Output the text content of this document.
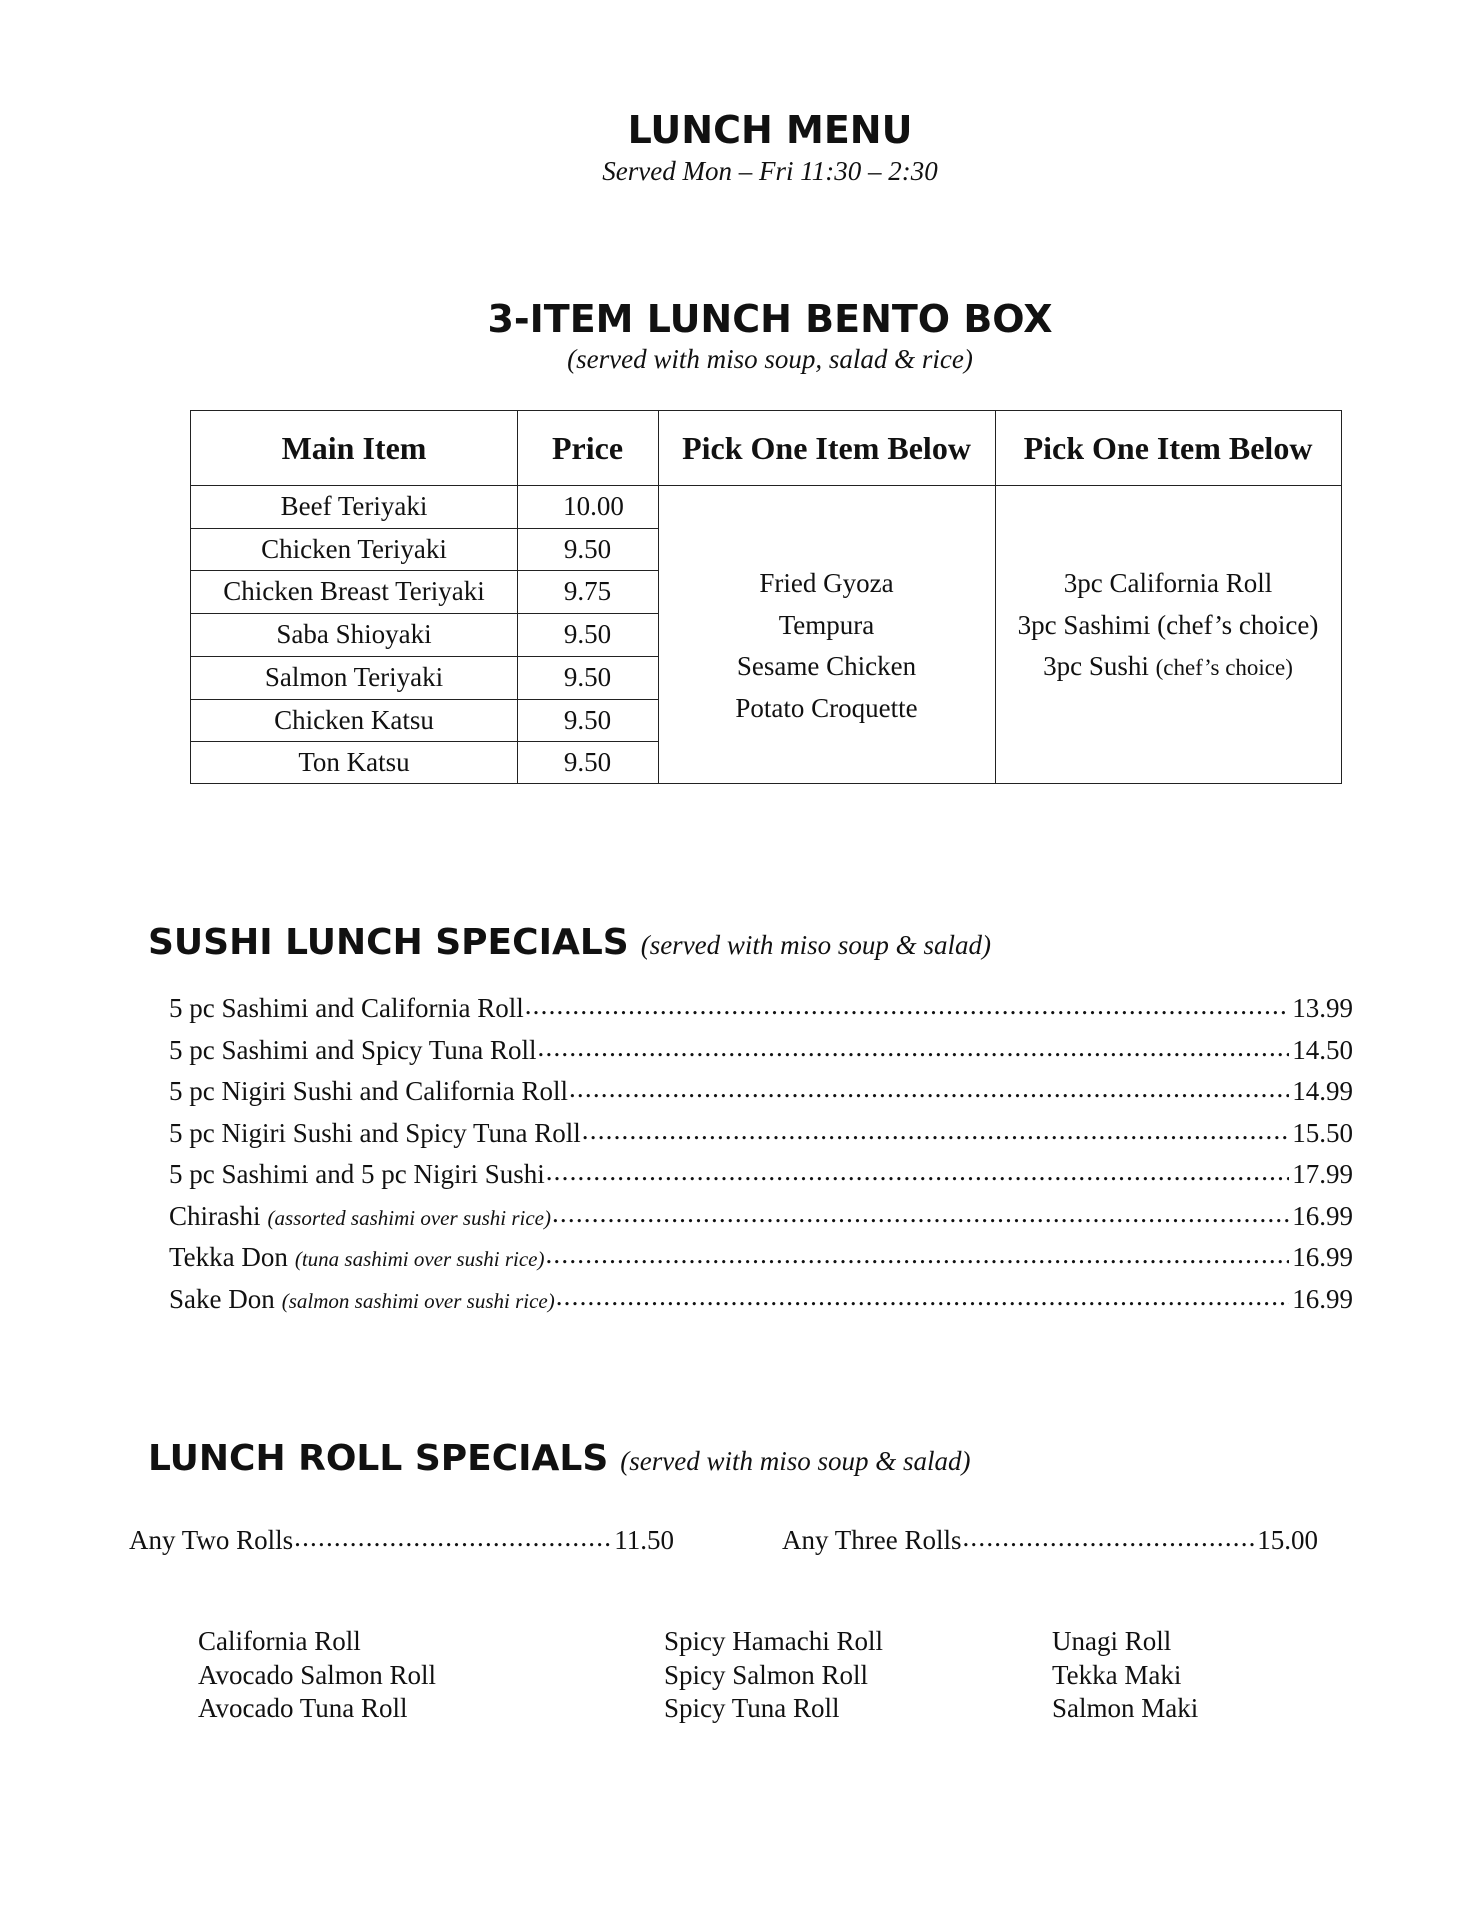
LUNCH MENU
Served Mon – Fri 11:30 – 2:30
3-ITEM LUNCH BENTO BOX
(served with miso soup, salad & rice)
Main Item	Price	Pick One Item Below	Pick One Item Below
Beef Teriyaki	10.00
Chicken Teriyaki	9.50
Chicken Breast Teriyaki	9.75
Saba Shioyaki	9.50
Salmon Teriyaki	9.50
Chicken Katsu	9.50
Ton Katsu	9.50
Fried Gyoza
Tempura
Sesame Chicken
Potato Croquette
3pc California Roll
3pc Sashimi (chef’s choice)
3pc Sushi (chef’s choice)
SUSHI LUNCH SPECIALS (served with miso soup & salad)
5 pc Sashimi and California Roll .....	13.99
5 pc Sashimi and Spicy Tuna Roll .....	14.50
5 pc Nigiri Sushi and California Roll .....	14.99
5 pc Nigiri Sushi and Spicy Tuna Roll .....	15.50
5 pc Sashimi and 5 pc Nigiri Sushi .....	17.99
Chirashi (assorted sashimi over sushi rice) .....	16.99
Tekka Don (tuna sashimi over sushi rice) .....	16.99
Sake Don (salmon sashimi over sushi rice) .....	16.99
LUNCH ROLL SPECIALS (served with miso soup & salad)
Any Two Rolls .....	11.50	Any Three Rolls .....	15.00
California Roll
Avocado Salmon Roll
Avocado Tuna Roll
Spicy Hamachi Roll
Spicy Salmon Roll
Spicy Tuna Roll
Unagi Roll
Tekka Maki
Salmon Maki
